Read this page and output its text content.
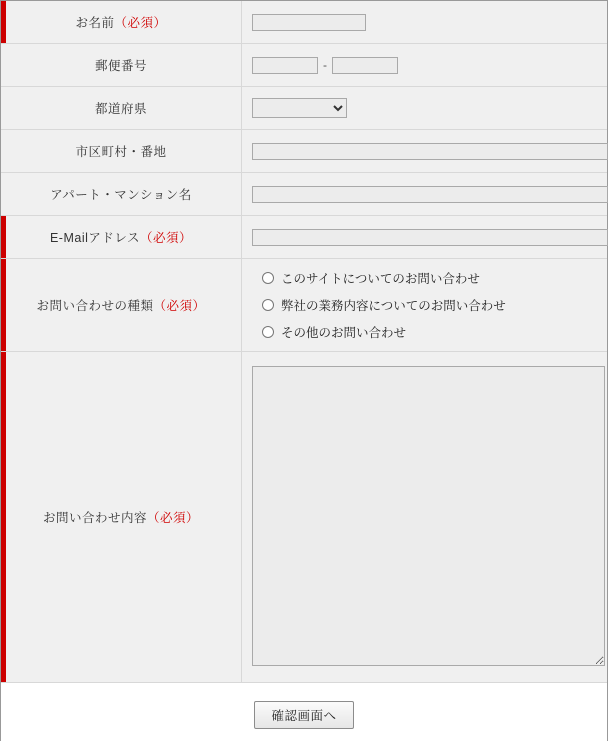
お名前（必須）	
郵便番号	-
都道府県	

市区町村・番地	
アパート・マンション名	
E-Mailアドレス（必須）	
お問い合わせの種類（必須）	このサイトについてのお問い合わせ
弊社の業務内容についてのお問い合わせ
その他のお問い合わせ

お問い合わせ内容（必須）	
確認画面へ
